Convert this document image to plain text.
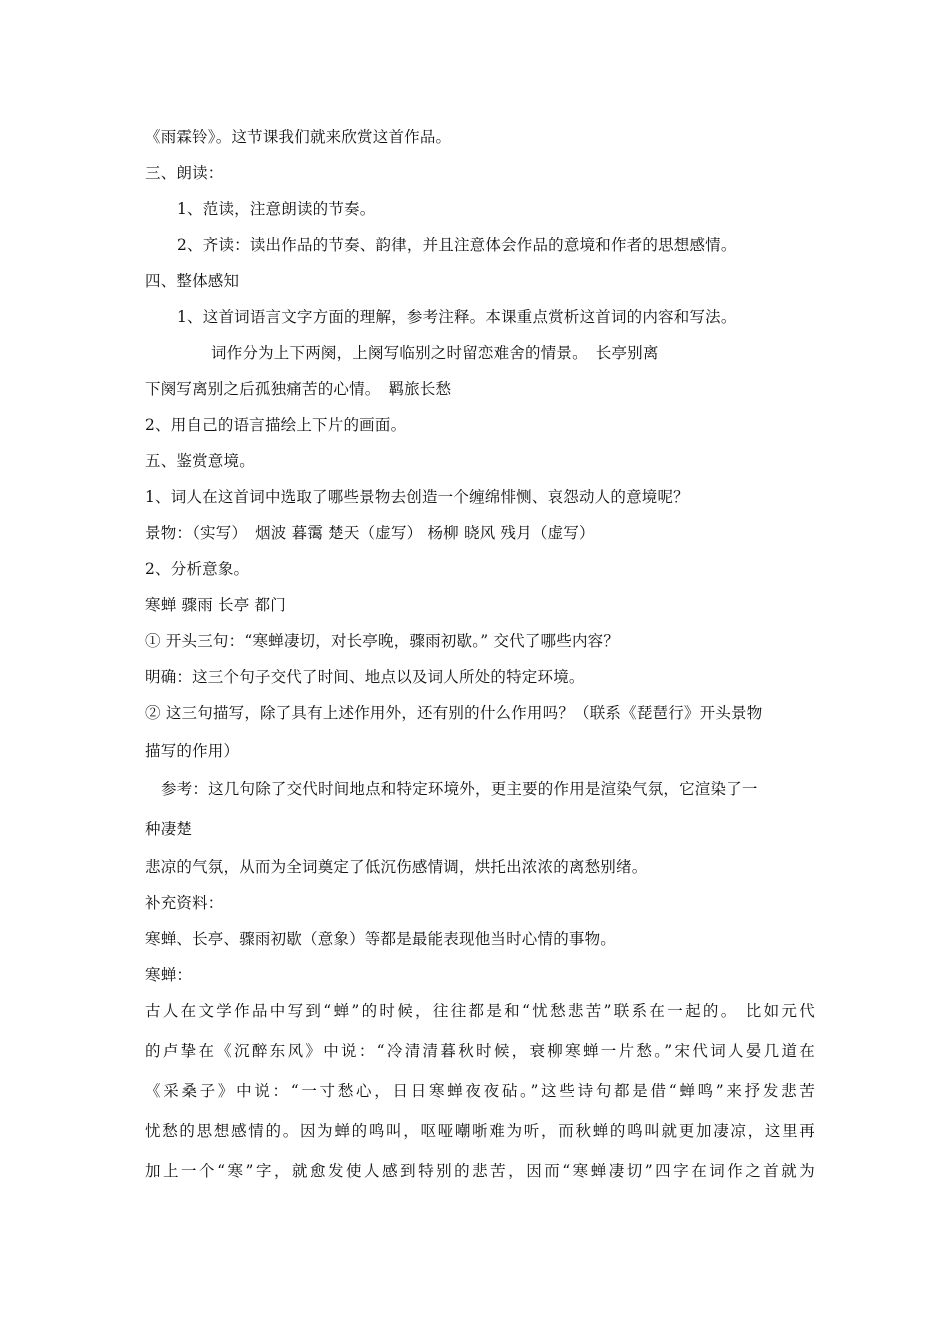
《雨霖铃》。这节课我们就来欣赏这首作品。
三、朗读：
1、范读，注意朗读的节奏。
2、齐读：读出作品的节奏、韵律，并且注意体会作品的意境和作者的思想感情。
四、整体感知
1、这首词语言文字方面的理解，参考注释。本课重点赏析这首词的内容和写法。
词作分为上下两阕，上阕写临别之时留恋难舍的情景。　长亭别离
下阕写离别之后孤独痛苦的心情。　羁旅长愁
2、用自己的语言描绘上下片的画面。
五、鉴赏意境。
1、词人在这首词中选取了哪些景物去创造一个缠绵悱恻、哀怨动人的意境呢？
景物：（实写）　烟波 暮霭 楚天（虚写） 杨柳 晓风 残月（虚写）
2、分析意象。
寒蝉 骤雨 长亭 都门
① 开头三句：“寒蝉凄切，对长亭晚，骤雨初歇。” 交代了哪些内容？
明确：这三个句子交代了时间、地点以及词人所处的特定环境。
② 这三句描写，除了具有上述作用外，还有别的什么作用吗？（联系《琵琶行》开头景物
描写的作用）
参考：这几句除了交代时间地点和特定环境外，更主要的作用是渲染气氛，它渲染了一
种凄楚
悲凉的气氛，从而为全词奠定了低沉伤感情调，烘托出浓浓的离愁别绪。
补充资料：
寒蝉、长亭、骤雨初歇（意象）等都是最能表现他当时心情的事物。
寒蝉：
古人在文学作品中写到“蝉”的时候，往往都是和“忧愁悲苦”联系在一起的。 比如元代
的卢挚在《沉醉东风》中说：“冷清清暮秋时候，衰柳寒蝉一片愁。”宋代词人晏几道在
《采桑子》中说：“一寸愁心，日日寒蝉夜夜砧。”这些诗句都是借“蝉鸣”来抒发悲苦
忧愁的思想感情的。因为蝉的鸣叫，呕哑嘲哳难为听，而秋蝉的鸣叫就更加凄凉，这里再
加上一个“寒”字，就愈发使人感到特别的悲苦，因而“寒蝉凄切”四字在词作之首就为
